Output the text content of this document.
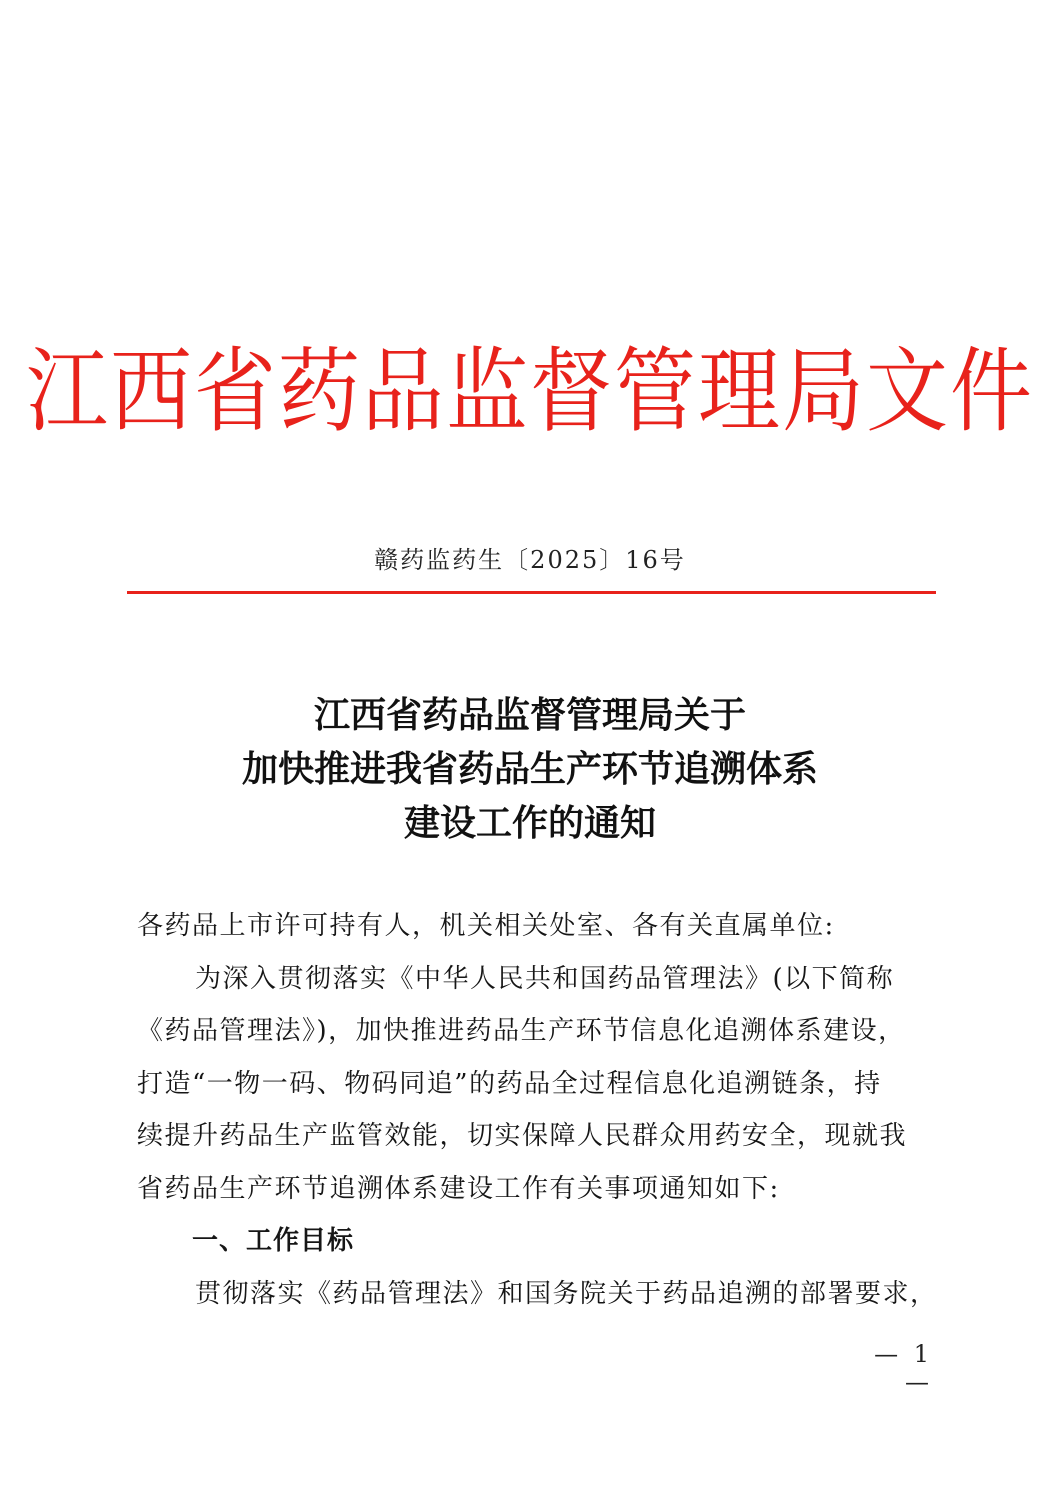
江西省药品监督管理局文件
赣药监药生〔2025〕16号
江西省药品监督管理局关于
加快推进我省药品生产环节追溯体系
建设工作的通知

各药品上市许可持有人，机关相关处室、各有关直属单位:

为深入贯彻落实《中华人民共和国药品管理法》(以下简称

《药品管理法》)，加快推进药品生产环节信息化追溯体系建设，

打造“一物一码、物码同追”的药品全过程信息化追溯链条，持

续提升药品生产监管效能，切实保障人民群众用药安全，现就我

省药品生产环节追溯体系建设工作有关事项通知如下:

一、工作目标

贯彻落实《药品管理法》和国务院关于药品追溯的部署要求，

— 1 —
